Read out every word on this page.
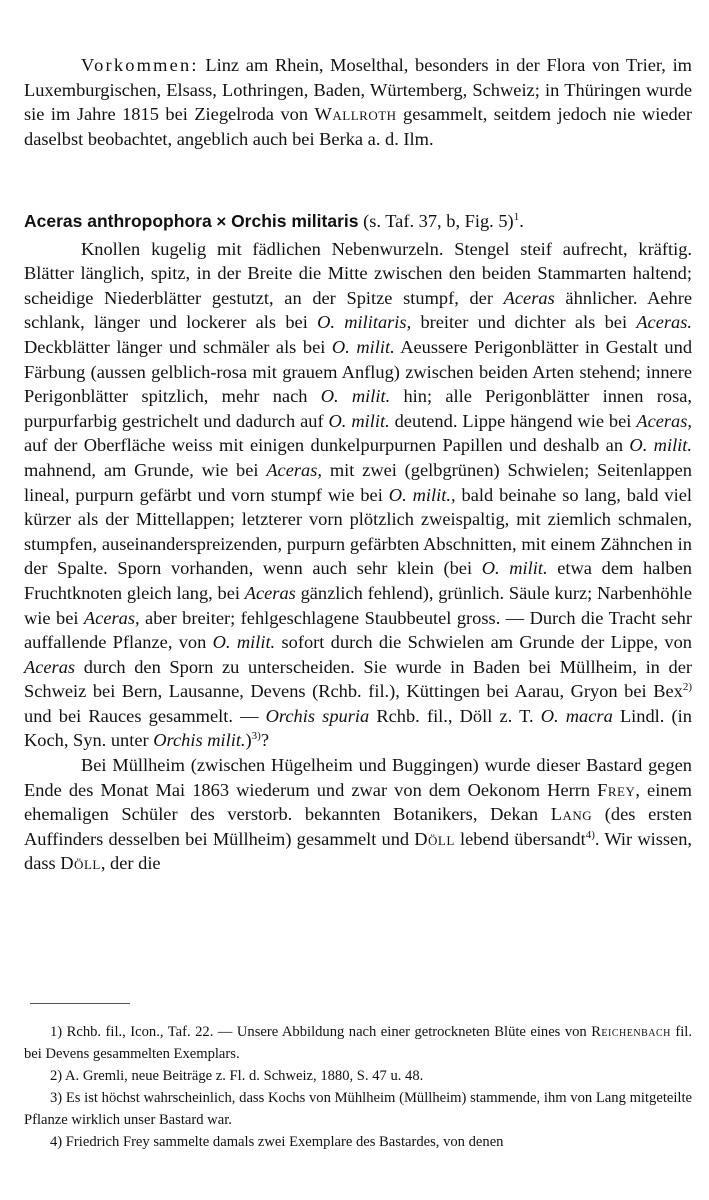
Vorkommen: Linz am Rhein, Moselthal, besonders in der Flora von Trier, im Luxemburgischen, Elsass, Lothringen, Baden, Würtemberg, Schweiz; in Thüringen wurde sie im Jahre 1815 bei Ziegelroda von Wallroth gesammelt, seitdem jedoch nie wieder daselbst beobachtet, angeblich auch bei Berka a. d. Ilm.

Aceras anthropophora × Orchis militaris (s. Taf. 37, b, Fig. 5)$^1$.

Knollen kugelig mit fädlichen Nebenwurzeln. Stengel steif aufrecht, kräftig. Blätter länglich, spitz, in der Breite die Mitte zwischen den beiden Stammarten haltend; scheidige Niederblätter gestutzt, an der Spitze stumpf, der Aceras ähnlicher. Aehre schlank, länger und lockerer als bei O. militaris, breiter und dichter als bei Aceras. Deckblätter länger und schmäler als bei O. milit. Aeussere Perigonblätter in Gestalt und Färbung (aussen gelblich-rosa mit grauem Anflug) zwischen beiden Arten stehend; innere Perigonblätter spitzlich, mehr nach O. milit. hin; alle Perigonblätter innen rosa, purpurfarbig gestrichelt und dadurch auf O. milit. deutend. Lippe hängend wie bei Aceras, auf der Oberfläche weiss mit einigen dunkelpurpurnen Papillen und deshalb an O. milit. mahnend, am Grunde, wie bei Aceras, mit zwei (gelbgrünen) Schwielen; Seitenlappen lineal, purpurn gefärbt und vorn stumpf wie bei O. milit., bald beinahe so lang, bald viel kürzer als der Mittellappen; letzterer vorn plötzlich zweispaltig, mit ziemlich schmalen, stumpfen, auseinanderspreizenden, purpurn gefärbten Abschnitten, mit einem Zähnchen in der Spalte. Sporn vorhanden, wenn auch sehr klein (bei O. milit. etwa dem halben Fruchtknoten gleich lang, bei Aceras gänzlich fehlend), grünlich. Säule kurz; Narbenhöhle wie bei Aceras, aber breiter; fehlgeschlagene Staubbeutel gross. — Durch die Tracht sehr auffallende Pflanze, von O. milit. sofort durch die Schwielen am Grunde der Lippe, von Aceras durch den Sporn zu unterscheiden. Sie wurde in Baden bei Müllheim, in der Schweiz bei Bern, Lausanne, Devens (Rchb. fil.), Küttingen bei Aarau, Gryon bei Bex$^{2)}$ und bei Rauces gesammelt. — Orchis spuria Rchb. fil., Döll z. T. O. macra Lindl. (in Koch, Syn. unter Orchis milit.)$^{3)}$?

Bei Müllheim (zwischen Hügelheim und Buggingen) wurde dieser Bastard gegen Ende des Monat Mai 1863 wiederum und zwar von dem Oekonom Herrn Frey, einem ehemaligen Schüler des verstorb. bekannten Botanikers, Dekan Lang (des ersten Auffinders desselben bei Müllheim) gesammelt und Döll lebend übersandt$^{4)}$. Wir wissen, dass Döll, der die

1) Rchb. fil., Icon., Taf. 22. — Unsere Abbildung nach einer getrockneten Blüte eines von Reichenbach fil. bei Devens gesammelten Exemplars.

2) A. Gremli, neue Beiträge z. Fl. d. Schweiz, 1880, S. 47 u. 48.

3) Es ist höchst wahrscheinlich, dass Kochs von Mühlheim (Müllheim) stammende, ihm von Lang mitgeteilte Pflanze wirklich unser Bastard war.

4) Friedrich Frey sammelte damals zwei Exemplare des Bastardes, von denen
